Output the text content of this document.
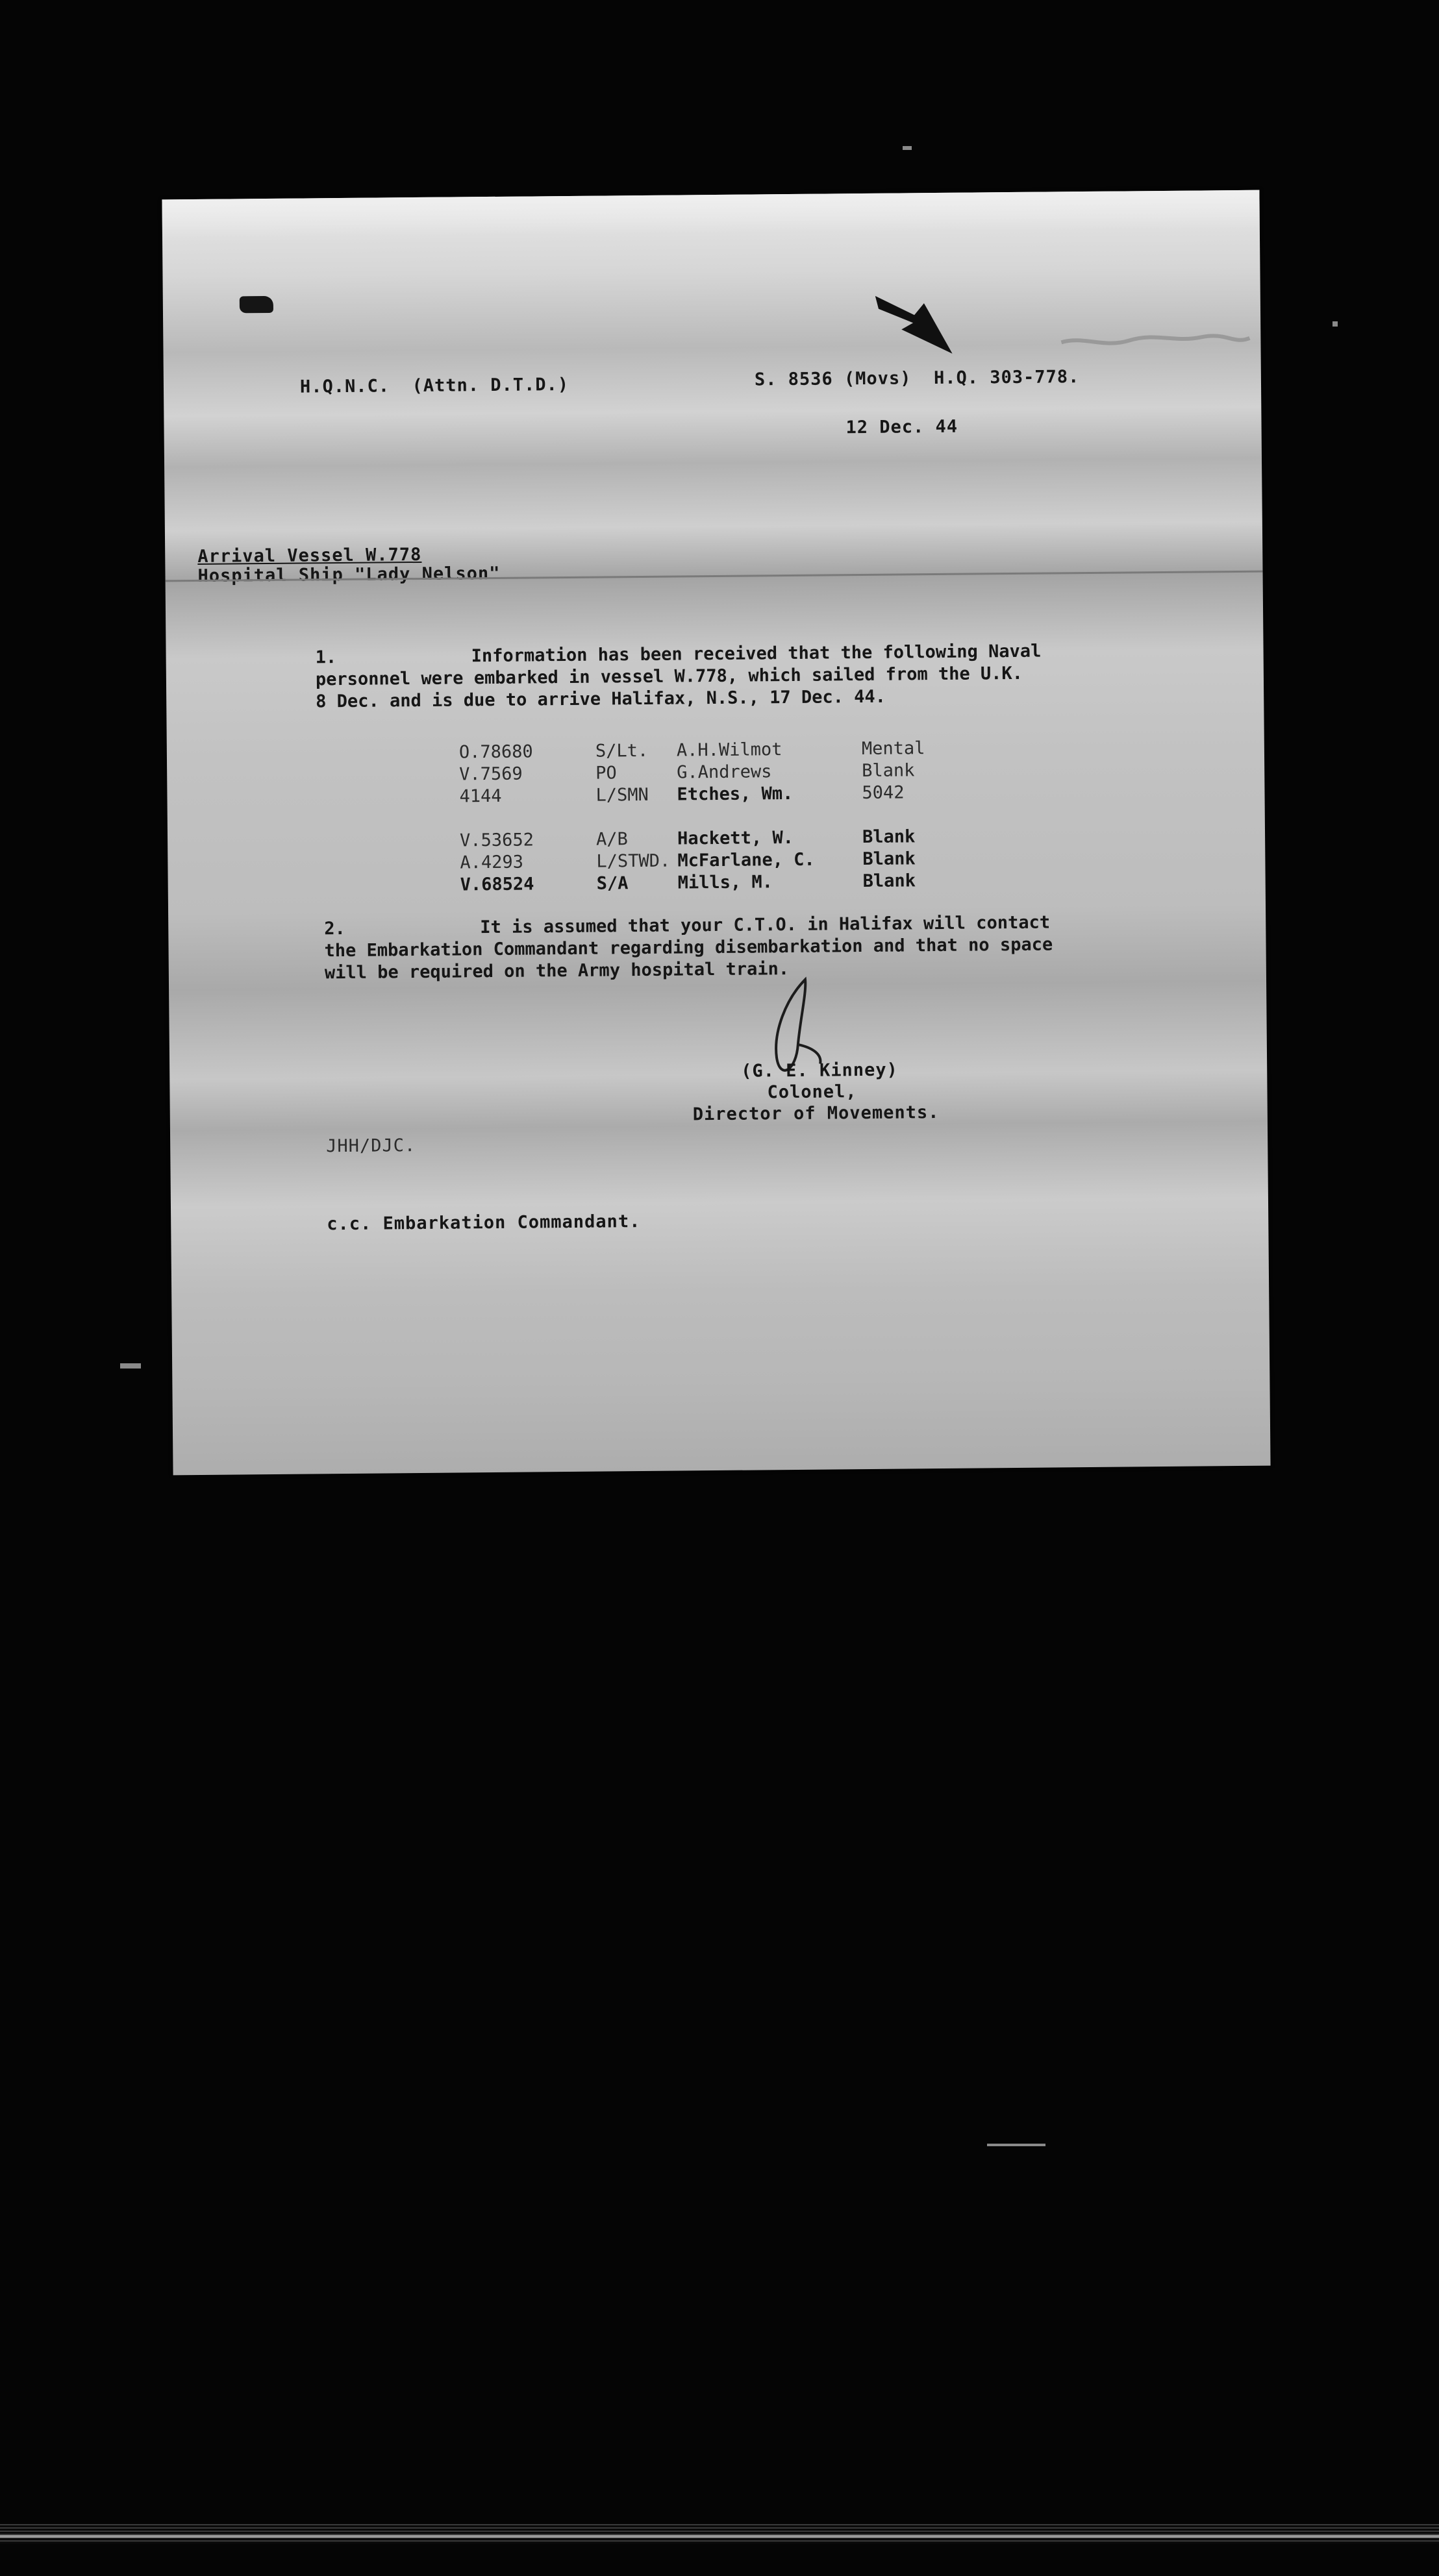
H.Q.N.C.  (Attn. D.T.D.)	S. 8536 (Movs)  H.Q. 303-778.
12 Dec. 44
Arrival Vessel W.778
Hospital Ship "Lady Nelson"
1.	Information has been received that the following Naval
personnel were embarked in vessel W.778, which sailed from the U.K.
8 Dec. and is due to arrive Halifax, N.S., 17 Dec. 44.
O.78680	S/Lt. A.H.Wilmot	Mental
V.7569	PO	G.Andrews	Blank
4144	L/SMN Etches, Wm.	5042
V.53652	A/B	Hackett, W.	Blank
A.4293	L/STWD. McFarlane, C.	Blank
V.68524	S/A	Mills, M.	Blank
2.	It is assumed that your C.T.O. in Halifax will contact
the Embarkation Commandant regarding disembarkation and that no space
will be required on the Army hospital train.
(G. E. Kinney)
Colonel,
Director of Movements.
JHH/DJC.
c.c. Embarkation Commandant.
